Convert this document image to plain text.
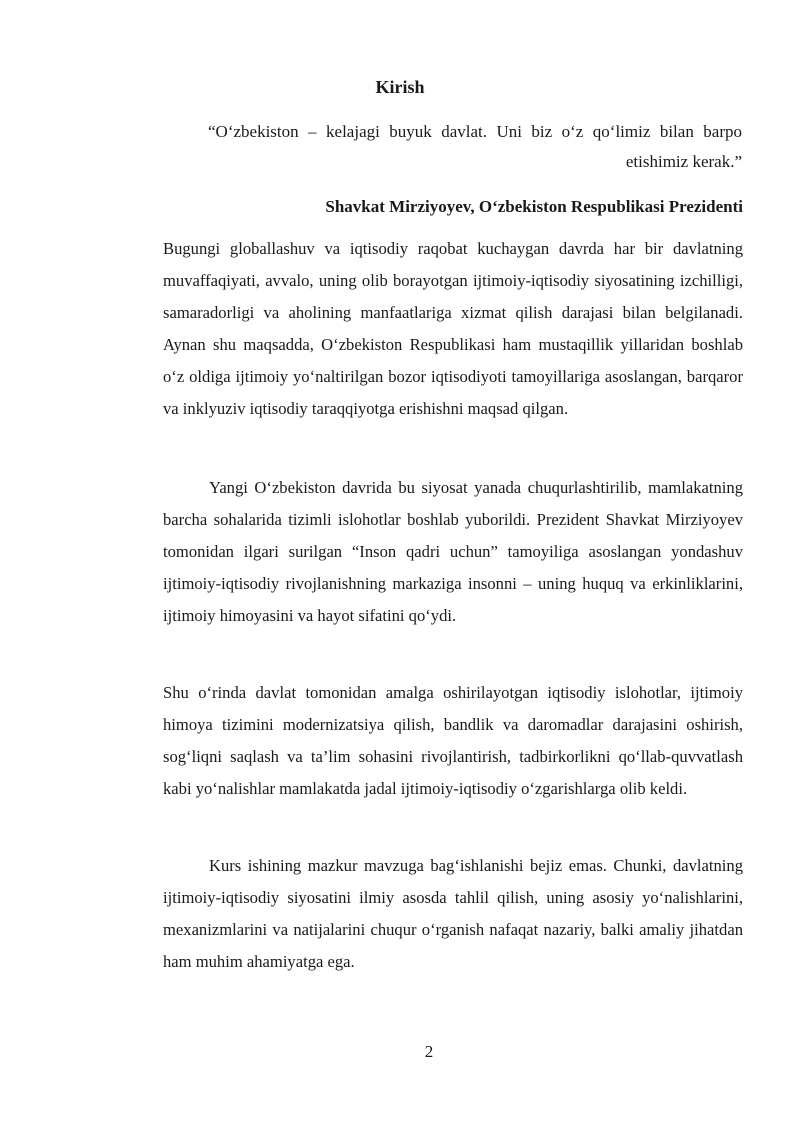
Kirish
“O‘zbekiston – kelajagi buyuk davlat. Uni biz o‘z qo‘limiz bilan barpo etishimiz kerak.”
Shavkat Mirziyoyev, O‘zbekiston Respublikasi Prezidenti

Bugungi globallashuv va iqtisodiy raqobat kuchaygan davrda har bir davlatning muvaffaqiyati, avvalo, uning olib borayotgan ijtimoiy-iqtisodiy siyosatining izchilligi, samaradorligi va aholining manfaatlariga xizmat qilish darajasi bilan belgilanadi. Aynan shu maqsadda, O‘zbekiston Respublikasi ham mustaqillik yillaridan boshlab o‘z oldiga ijtimoiy yo‘naltirilgan bozor iqtisodiyoti tamoyillariga asoslangan, barqaror va inklyuziv iqtisodiy taraqqiyotga erishishni maqsad qilgan.

Yangi O‘zbekiston davrida bu siyosat yanada chuqurlashtirilib, mamlakatning barcha sohalarida tizimli islohotlar boshlab yuborildi. Prezident Shavkat Mirziyoyev tomonidan ilgari surilgan “Inson qadri uchun” tamoyiliga asoslangan yondashuv ijtimoiy-iqtisodiy rivojlanishning markaziga insonni – uning huquq va erkinliklarini, ijtimoiy himoyasini va hayot sifatini qo‘ydi.

Shu o‘rinda davlat tomonidan amalga oshirilayotgan iqtisodiy islohotlar, ijtimoiy himoya tizimini modernizatsiya qilish, bandlik va daromadlar darajasini oshirish, sog‘liqni saqlash va ta’lim sohasini rivojlantirish, tadbirkorlikni qo‘llab-quvvatlash kabi yo‘nalishlar mamlakatda jadal ijtimoiy-iqtisodiy o‘zgarishlarga olib keldi.

Kurs ishining mazkur mavzuga bag‘ishlanishi bejiz emas. Chunki, davlatning ijtimoiy-iqtisodiy siyosatini ilmiy asosda tahlil qilish, uning asosiy yo‘nalishlarini, mexanizmlarini va natijalarini chuqur o‘rganish nafaqat nazariy, balki amaliy jihatdan ham muhim ahamiyatga ega.

2
